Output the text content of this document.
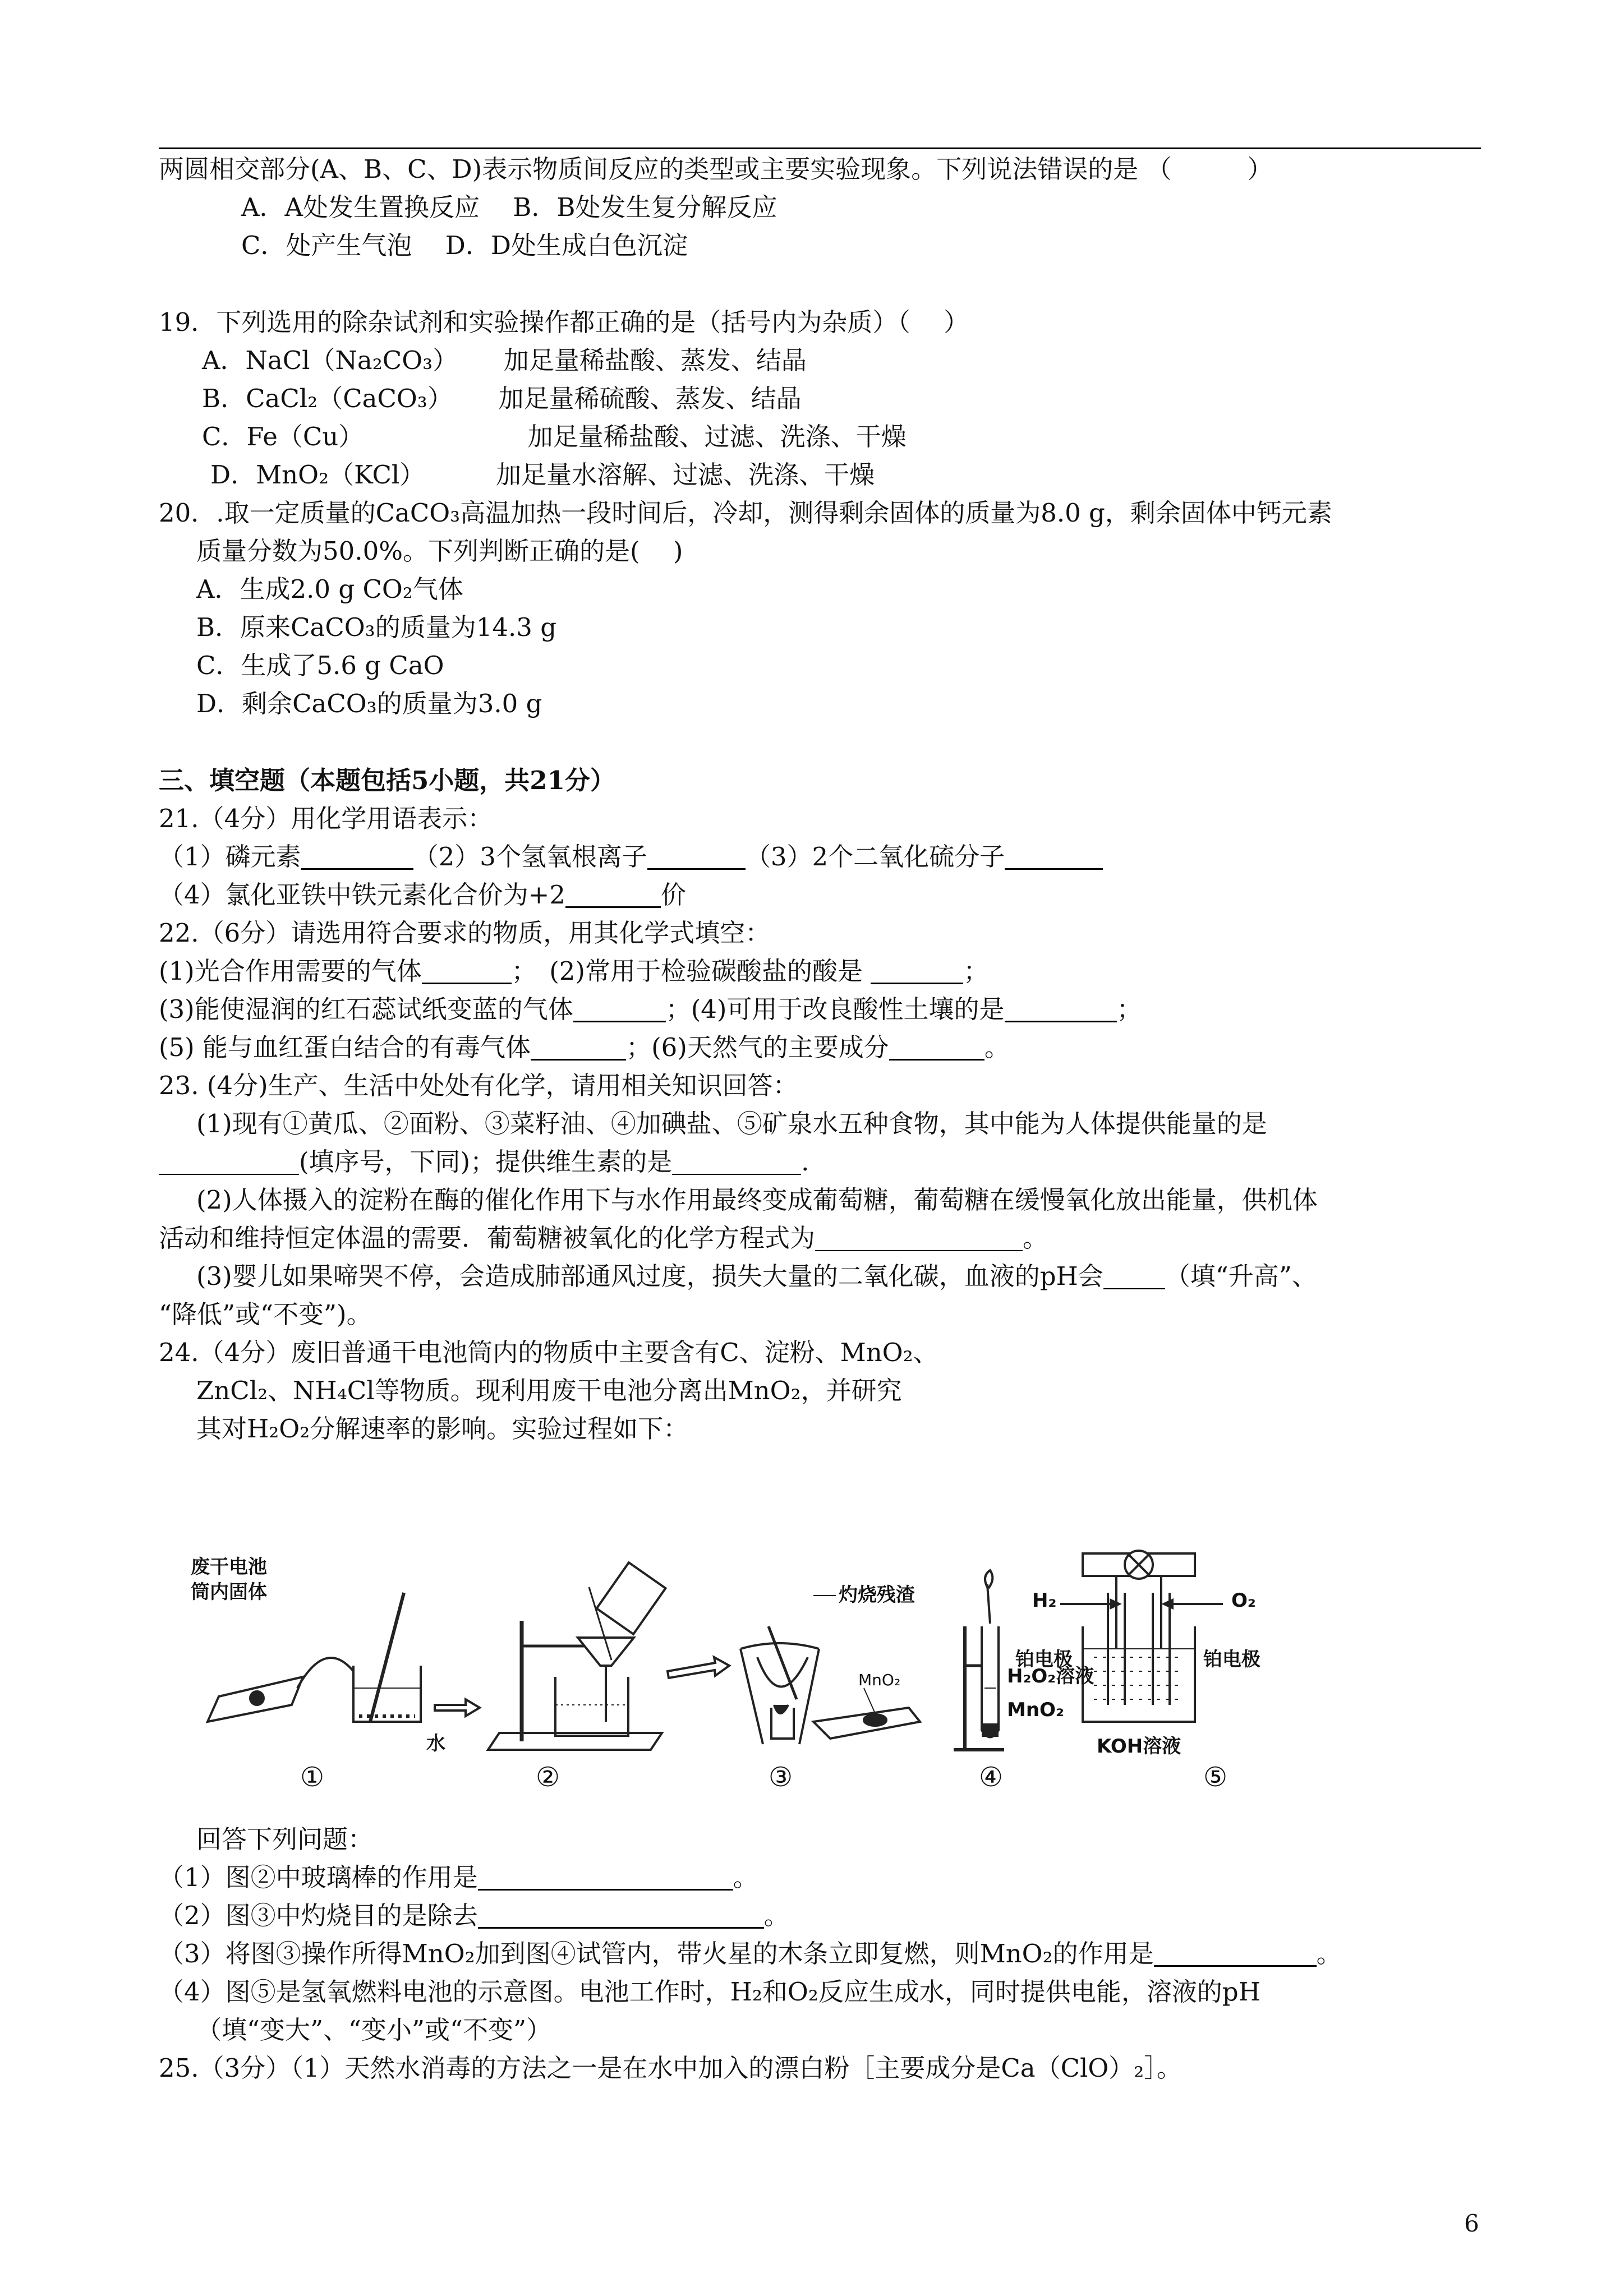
两圆相交部分(A、B、C、D)表示物质间反应的类型或主要实验现象。下列说法错误的是 （　　　）
A．A处发生置换反应　 B．B处发生复分解反应
C．处产生气泡　 D．D处生成白色沉淀
19．下列选用的除杂试剂和实验操作都正确的是（括号内为杂质）（　 ）
A．NaCl（Na₂CO₃）　　 加足量稀盐酸、蒸发、结晶
B．CaCl₂（CaCO₃）　　 加足量稀硫酸、蒸发、结晶
C．Fe（Cu）　　　　　　　加足量稀盐酸、过滤、洗涤、干燥
D．MnO₂（KCl）　　　 加足量水溶解、过滤、洗涤、干燥
20．.取一定质量的CaCO₃高温加热一段时间后，冷却，测得剩余固体的质量为8.0 g，剩余固体中钙元素
质量分数为50.0%。下列判断正确的是(　 )
A．生成2.0 g CO₂气体
B．原来CaCO₃的质量为14.3 g
C．生成了5.6 g CaO
D．剩余CaCO₃的质量为3.0 g
三、填空题（本题包括5小题，共21分）
21.（4分）用化学用语表示：
（1）磷元素	（2）3个氢氧根离子	（3）2个二氧化硫分子
（4）氯化亚铁中铁元素化合价为+2	价
22.（6分）请选用符合要求的物质，用其化学式填空：
(1)光合作用需要的气体	；　(2)常用于检验碳酸盐的酸是	；
(3)能使湿润的红石蕊试纸变蓝的气体	；(4)可用于改良酸性土壤的是	；
(5) 能与血红蛋白结合的有毒气体	；(6)天然气的主要成分	。
23. (4分)生产、生活中处处有化学，请用相关知识回答：
(1)现有①黄瓜、②面粉、③菜籽油、④加碘盐、⑤矿泉水五种食物，其中能为人体提供能量的是
(填序号，下同)；提供维生素的是	.
(2)人体摄入的淀粉在酶的催化作用下与水作用最终变成葡萄糖，葡萄糖在缓慢氧化放出能量，供机体
活动和维持恒定体温的需要．葡萄糖被氧化的化学方程式为	。
(3)婴儿如果啼哭不停，会造成肺部通风过度，损失大量的二氧化碳，血液的pH会 （填“升高”、
“降低”或“不变”)。
24.（4分）废旧普通干电池筒内的物质中主要含有C、淀粉、MnO₂、
ZnCl₂、NH₄Cl等物质。现利用废干电池分离出MnO₂，并研究
其对H₂O₂分解速率的影响。实验过程如下：
废干电池
筒内固体
水
灼烧残渣
MnO₂	H₂O₂溶液
MnO₂
H₂	O₂
铂电极	铂电极
KOH溶液
①	②	③	④	⑤
回答下列问题：
（1）图②中玻璃棒的作用是	。
（2）图③中灼烧目的是除去	。
（3）将图③操作所得MnO₂加到图④试管内，带火星的木条立即复燃，则MnO₂的作用是	。
（4）图⑤是氢氧燃料电池的示意图。电池工作时，H₂和O₂反应生成水，同时提供电能，溶液的pH
（填“变大”、“变小”或“不变”）
25.（3分）（1）天然水消毒的方法之一是在水中加入的漂白粉［主要成分是Ca（ClO）₂］。
6
